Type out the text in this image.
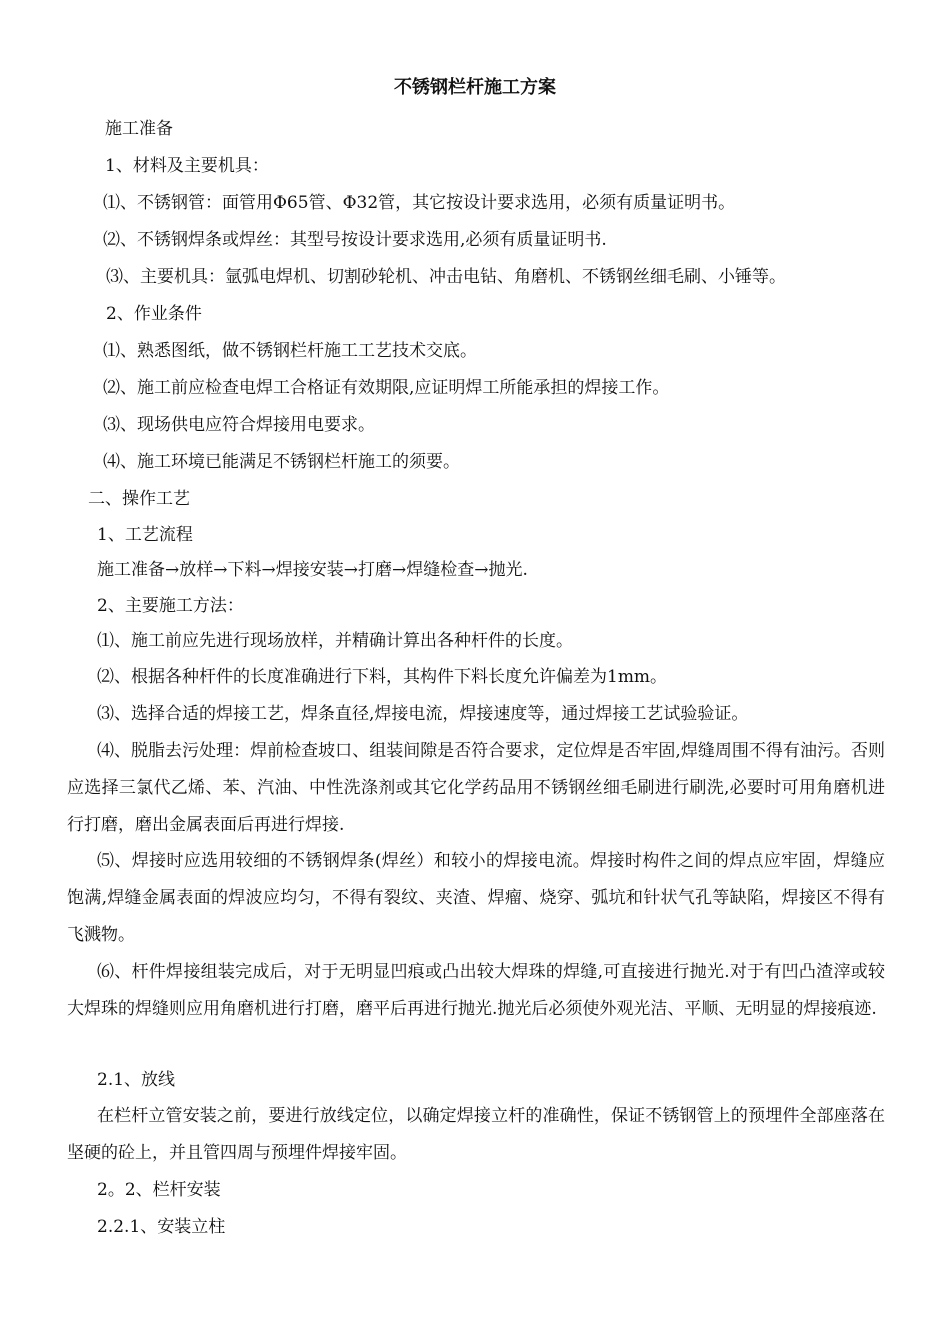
不锈钢栏杆施工方案
施工准备
1、材料及主要机具：
⑴、不锈钢管：面管用Φ65管、Φ32管，其它按设计要求选用，必须有质量证明书。
⑵、不锈钢焊条或焊丝：其型号按设计要求选用,必须有质量证明书.
⑶、主要机具：氩弧电焊机、切割砂轮机、冲击电钻、角磨机、不锈钢丝细毛刷、小锤等。
2、作业条件
⑴、熟悉图纸，做不锈钢栏杆施工工艺技术交底。
⑵、施工前应检查电焊工合格证有效期限,应证明焊工所能承担的焊接工作。
⑶、现场供电应符合焊接用电要求。
⑷、施工环境已能满足不锈钢栏杆施工的须要。
二、操作工艺
1、工艺流程
施工准备→放样→下料→焊接安装→打磨→焊缝检查→抛光.
2、主要施工方法：
⑴、施工前应先进行现场放样，并精确计算出各种杆件的长度。
⑵、根据各种杆件的长度准确进行下料，其构件下料长度允许偏差为1mm。
⑶、选择合适的焊接工艺，焊条直径,焊接电流，焊接速度等，通过焊接工艺试验验证。
⑷、脱脂去污处理：焊前检查坡口、组装间隙是否符合要求，定位焊是否牢固,焊缝周围不得有油污。否则应选择三氯代乙烯、苯、汽油、中性洗涤剂或其它化学药品用不锈钢丝细毛刷进行刷洗,必要时可用角磨机进行打磨，磨出金属表面后再进行焊接.
⑸、焊接时应选用较细的不锈钢焊条(焊丝）和较小的焊接电流。焊接时构件之间的焊点应牢固，焊缝应饱满,焊缝金属表面的焊波应均匀，不得有裂纹、夹渣、焊瘤、烧穿、弧坑和针状气孔等缺陷，焊接区不得有飞溅物。
⑹、杆件焊接组装完成后，对于无明显凹痕或凸出较大焊珠的焊缝,可直接进行抛光.对于有凹凸渣滓或较大焊珠的焊缝则应用角磨机进行打磨，磨平后再进行抛光.抛光后必须使外观光洁、平顺、无明显的焊接痕迹.
2.1、放线
在栏杆立管安装之前，要进行放线定位，以确定焊接立杆的准确性，保证不锈钢管上的预埋件全部座落在坚硬的砼上，并且管四周与预埋件焊接牢固。
2。2、栏杆安装
2.2.1、安装立柱
